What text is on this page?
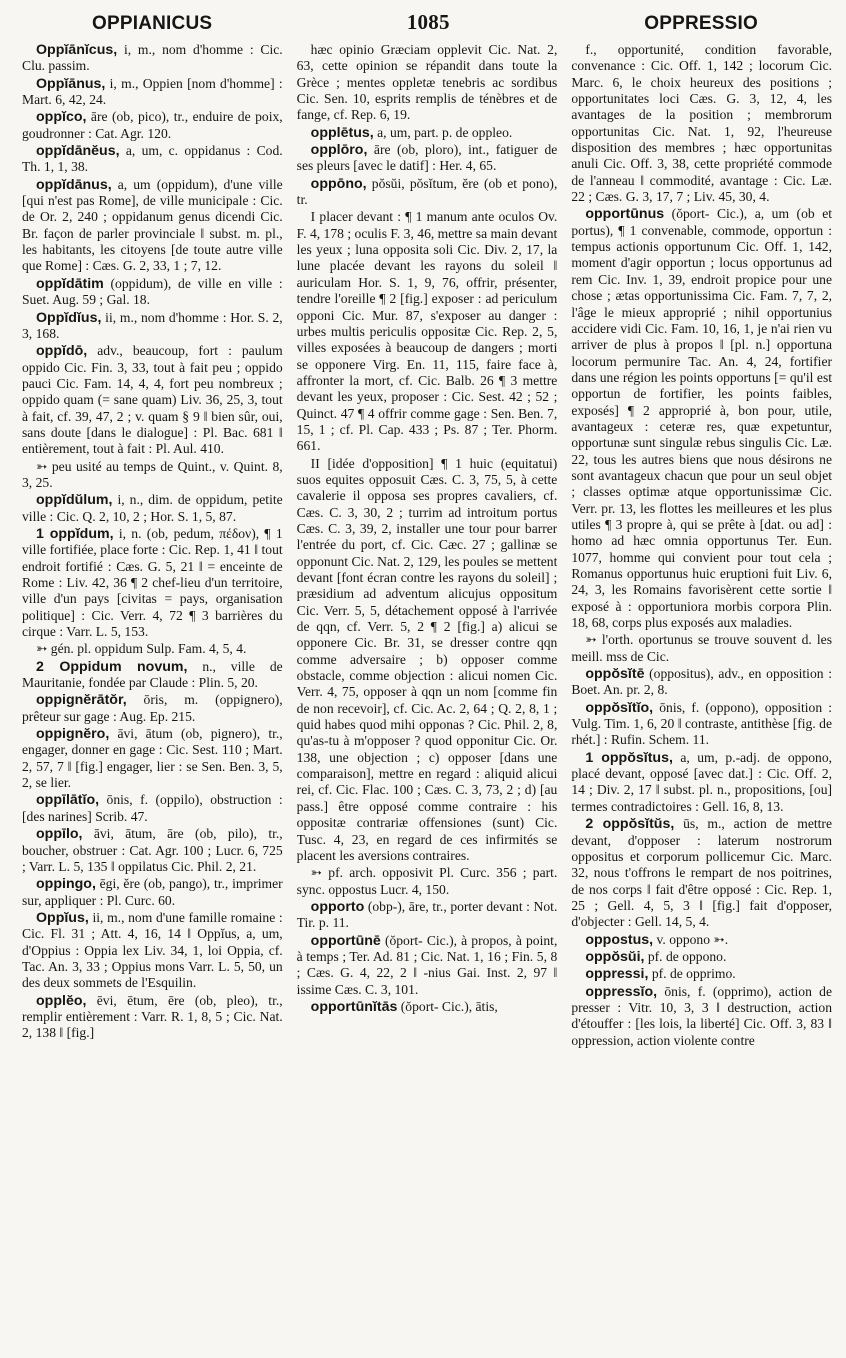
OPPIANICUS	1085	OPPRESSIO

Oppĭānĭcus, i, m., nom d'homme : Cic. Clu. passim.

Oppĭānus, i, m., Oppien [nom d'homme] : Mart. 6, 42, 24.

oppĭco, āre (ob, pico), tr., enduire de poix, goudronner : Cat. Agr. 120.

oppĭdānĕus, a, um, c. oppidanus : Cod. Th. 1, 1, 38.

oppĭdānus, a, um (oppidum), d'une ville [qui n'est pas Rome], de ville municipale : Cic. de Or. 2, 240 ; oppidanum genus dicendi Cic. Br. façon de parler provinciale ‖ subst. m. pl., les habitants, les citoyens [de toute autre ville que Rome] : Cæs. G. 2, 33, 1 ; 7, 12.

oppĭdātim (oppidum), de ville en ville : Suet. Aug. 59 ; Gal. 18.

Oppĭdĭus, ii, m., nom d'homme : Hor. S. 2, 3, 168.

oppĭdō, adv., beaucoup, fort : paulum oppido Cic. Fin. 3, 33, tout à fait peu ; oppido pauci Cic. Fam. 14, 4, 4, fort peu nombreux ; oppido quam (= sane quam) Liv. 36, 25, 3, tout à fait, cf. 39, 47, 2 ; v. quam § 9 ‖ bien sûr, oui, sans doute [dans le dialogue] : Pl. Bac. 681 ‖ entièrement, tout à fait : Pl. Aul. 410.

➳ peu usité au temps de Quint., v. Quint. 8, 3, 25.

oppĭdŭlum, i, n., dim. de oppidum, petite ville : Cic. Q. 2, 10, 2 ; Hor. S. 1, 5, 87.

1 oppĭdum, i, n. (ob, pedum, πέδον), ¶ 1 ville fortifiée, place forte : Cic. Rep. 1, 41 ‖ tout endroit fortifié : Cæs. G. 5, 21 ‖ = enceinte de Rome : Liv. 42, 36 ¶ 2 chef-lieu d'un territoire, ville d'un pays [civitas = pays, organisation politique] : Cic. Verr. 4, 72 ¶ 3 barrières du cirque : Varr. L. 5, 153.

➳ gén. pl. oppidum Sulp. Fam. 4, 5, 4.

2 Oppidum novum, n., ville de Mauritanie, fondée par Claude : Plin. 5, 20.

oppignĕrātŏr, ōris, m. (oppignero), prêteur sur gage : Aug. Ep. 215.

oppignĕro, āvi, ātum (ob, pignero), tr., engager, donner en gage : Cic. Sest. 110 ; Mart. 2, 57, 7 ‖ [fig.] engager, lier : se Sen. Ben. 3, 5, 2, se lier.

oppīlātĭo, ōnis, f. (oppilo), obstruction : [des narines] Scrib. 47.

oppīlo, āvi, ātum, āre (ob, pilo), tr., boucher, obstruer : Cat. Agr. 100 ; Lucr. 6, 725 ; Varr. L. 5, 135 ‖ oppilatus Cic. Phil. 2, 21.

oppingo, ēgi, ĕre (ob, pango), tr., imprimer sur, appliquer : Pl. Curc. 60.

Oppĭus, ii, m., nom d'une famille romaine : Cic. Fl. 31 ; Att. 4, 16, 14 ‖ Oppĭus, a, um, d'Oppius : Oppia lex Liv. 34, 1, loi Oppia, cf. Tac. An. 3, 33 ; Oppius mons Varr. L. 5, 50, un des deux sommets de l'Esquilin.

opplĕo, ēvi, ētum, ēre (ob, pleo), tr., remplir entièrement : Varr. R. 1, 8, 5 ; Cic. Nat. 2, 138 ‖ [fig.]

hæc opinio Græciam opplevit Cic. Nat. 2, 63, cette opinion se répandit dans toute la Grèce ; mentes oppletæ tenebris ac sordibus Cic. Sen. 10, esprits remplis de ténèbres et de fange, cf. Rep. 6, 19.

opplētus, a, um, part. p. de oppleo.

opplōro, āre (ob, ploro), int., fatiguer de ses pleurs [avec le datif] : Her. 4, 65.

oppōno, pŏsŭi, pŏsĭtum, ĕre (ob et pono), tr.

I placer devant : ¶ 1 manum ante oculos Ov. F. 4, 178 ; oculis F. 3, 46, mettre sa main devant les yeux ; luna opposita soli Cic. Div. 2, 17, la lune placée devant les rayons du soleil ‖ auriculam Hor. S. 1, 9, 76, offrir, présenter, tendre l'oreille ¶ 2 [fig.] exposer : ad periculum opponi Cic. Mur. 87, s'exposer au danger : urbes multis periculis oppositæ Cic. Rep. 2, 5, villes exposées à beaucoup de dangers ; morti se opponere Virg. En. 11, 115, faire face à, affronter la mort, cf. Cic. Balb. 26 ¶ 3 mettre devant les yeux, proposer : Cic. Sest. 42 ; 52 ; Quinct. 47 ¶ 4 offrir comme gage : Sen. Ben. 7, 15, 1 ; cf. Pl. Cap. 433 ; Ps. 87 ; Ter. Phorm. 661.

II [idée d'opposition] ¶ 1 huic (equitatui) suos equites opposuit Cæs. C. 3, 75, 5, à cette cavalerie il opposa ses propres cavaliers, cf. Cæs. C. 3, 30, 2 ; turrim ad introitum portus Cæs. C. 3, 39, 2, installer une tour pour barrer l'entrée du port, cf. Cic. Cæc. 27 ; gallinæ se opponunt Cic. Nat. 2, 129, les poules se mettent devant [font écran contre les rayons du soleil] ; præsidium ad adventum alicujus oppositum Cic. Verr. 5, 5, détachement opposé à l'arrivée de qqn, cf. Verr. 5, 2 ¶ 2 [fig.] a) alicui se opponere Cic. Br. 31, se dresser contre qqn comme adversaire ; b) opposer comme obstacle, comme objection : alicui nomen Cic. Verr. 4, 75, opposer à qqn un nom [comme fin de non recevoir], cf. Cic. Ac. 2, 64 ; Q. 2, 8, 1 ; quid habes quod mihi opponas ? Cic. Phil. 2, 8, qu'as-tu à m'opposer ? quod opponitur Cic. Or. 138, une objection ; c) opposer [dans une comparaison], mettre en regard : aliquid alicui rei, cf. Cic. Flac. 100 ; Cæs. C. 3, 73, 2 ; d) [au pass.] être opposé comme contraire : his oppositæ contrariæ offensiones (sunt) Cic. Tusc. 4, 23, en regard de ces infirmités se placent les aversions contraires.

➳ pf. arch. opposivit Pl. Curc. 356 ; part. sync. oppostus Lucr. 4, 150.

opporto (obp-), āre, tr., porter devant : Not. Tir. p. 11.

opportūnē (ŏport- Cic.), à propos, à point, à temps ; Ter. Ad. 81 ; Cic. Nat. 1, 16 ; Fin. 5, 8 ; Cæs. G. 4, 22, 2 ‖ -nius Gai. Inst. 2, 97 ‖ issime Cæs. C. 3, 101.

opportūnĭtās (ŏport- Cic.), ātis,

f., opportunité, condition favorable, convenance : Cic. Off. 1, 142 ; locorum Cic. Marc. 6, le choix heureux des positions ; opportunitates loci Cæs. G. 3, 12, 4, les avantages de la position ; membrorum opportunitas Cic. Nat. 1, 92, l'heureuse disposition des membres ; hæc opportunitas anuli Cic. Off. 3, 38, cette propriété commode de l'anneau ‖ commodité, avantage : Cic. Læ. 22 ; Cæs. G. 3, 17, 7 ; Liv. 45, 30, 4.

opportūnus (ŏport- Cic.), a, um (ob et portus), ¶ 1 convenable, commode, opportun : tempus actionis opportunum Cic. Off. 1, 142, moment d'agir opportun ; locus opportunus ad rem Cic. Inv. 1, 39, endroit propice pour une chose ; ætas opportunissima Cic. Fam. 7, 7, 2, l'âge le mieux approprié ; nihil opportunius accidere vidi Cic. Fam. 10, 16, 1, je n'ai rien vu arriver de plus à propos ‖ [pl. n.] opportuna locorum permunire Tac. An. 4, 24, fortifier dans une région les points opportuns [= qu'il est opportun de fortifier, les points faibles, exposés] ¶ 2 approprié à, bon pour, utile, avantageux : ceteræ res, quæ expetuntur, opportunæ sunt singulæ rebus singulis Cic. Læ. 22, tous les autres biens que nous désirons ne sont avantageux chacun que pour un seul objet ; classes optimæ atque opportunissimæ Cic. Verr. pr. 13, les flottes les meilleures et les plus utiles ¶ 3 propre à, qui se prête à [dat. ou ad] : homo ad hæc omnia opportunus Ter. Eun. 1077, homme qui convient pour tout cela ; Romanus opportunus huic eruptioni fuit Liv. 6, 24, 3, les Romains favorisèrent cette sortie ‖ exposé à : opportuniora morbis corpora Plin. 18, 68, corps plus exposés aux maladies.

➳ l'orth. oportunus se trouve souvent d. les meill. mss de Cic.

oppŏsĭtē (oppositus), adv., en opposition : Boet. An. pr. 2, 8.

oppŏsĭtĭo, ōnis, f. (oppono), opposition : Vulg. Tim. 1, 6, 20 ‖ contraste, antithèse [fig. de rhét.] : Rufin. Schem. 11.

1 oppŏsĭtus, a, um, p.-adj. de oppono, placé devant, opposé [avec dat.] : Cic. Off. 2, 14 ; Div. 2, 17 ‖ subst. pl. n., propositions, [ou] termes contradictoires : Gell. 16, 8, 13.

2 oppŏsĭtŭs, ūs, m., action de mettre devant, d'opposer : laterum nostrorum oppositus et corporum pollicemur Cic. Marc. 32, nous t'offrons le rempart de nos poitrines, de nos corps ‖ fait d'être opposé : Cic. Rep. 1, 25 ; Gell. 4, 5, 3 ‖ [fig.] fait d'opposer, d'objecter : Gell. 14, 5, 4.

oppostus, v. oppono ➳.

oppŏsŭi, pf. de oppono.

oppressi, pf. de opprimo.

oppressĭo, ōnis, f. (opprimo), action de presser : Vitr. 10, 3, 3 ‖ destruction, action d'étouffer : [les lois, la liberté] Cic. Off. 3, 83 ‖ oppression, action violente contre
